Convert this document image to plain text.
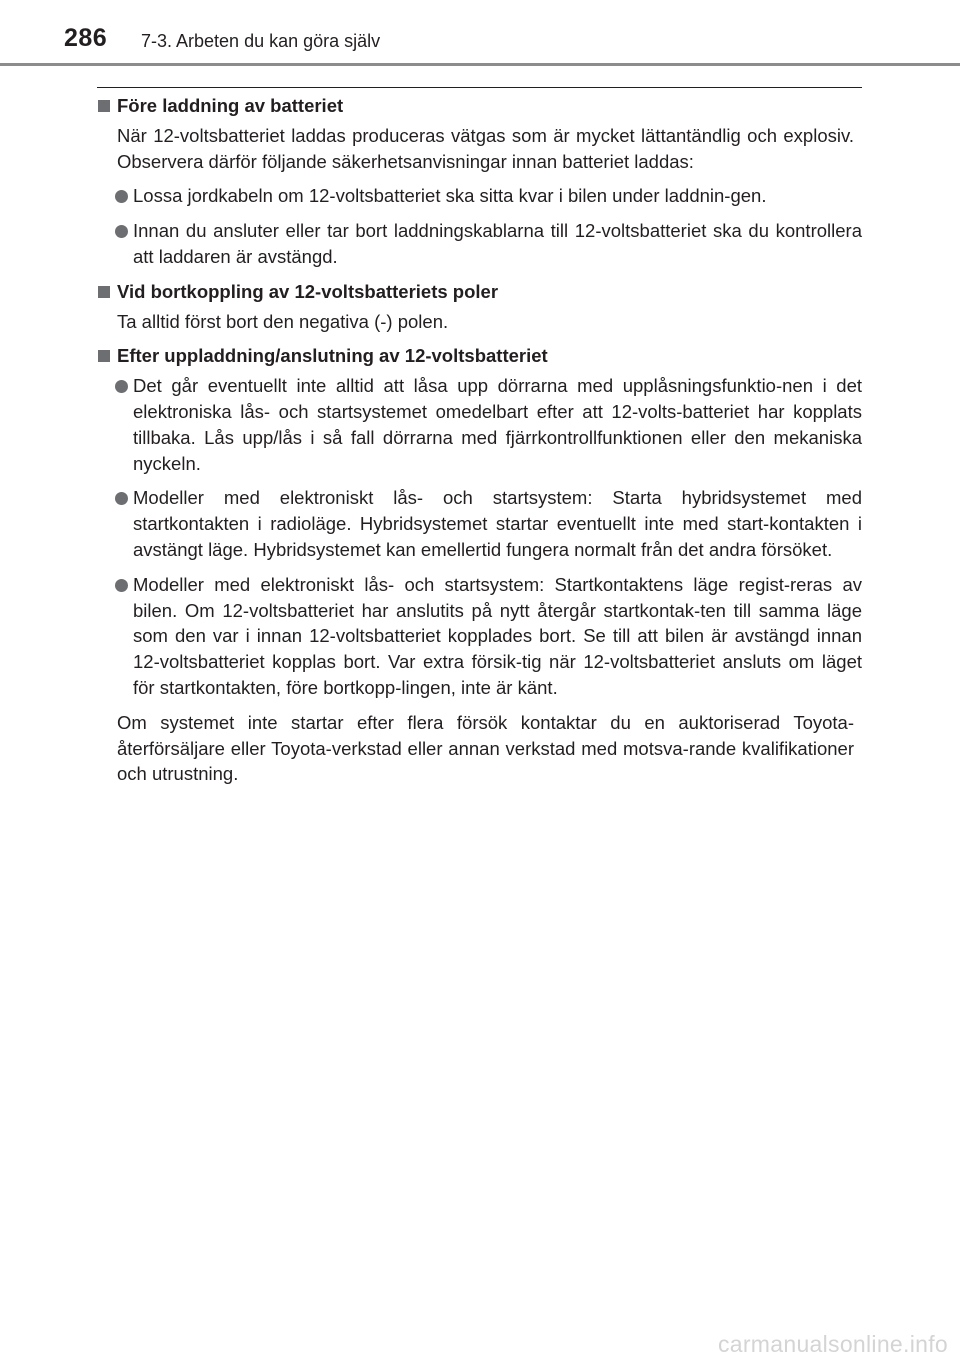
286 7-3. Arbeten du kan göra själv
Före laddning av batteriet
När 12-voltsbatteriet laddas produceras vätgas som är mycket lättantändlig och explosiv. Observera därför följande säkerhetsanvisningar innan batteriet laddas:
Lossa jordkabeln om 12-voltsbatteriet ska sitta kvar i bilen under laddnin-gen.
Innan du ansluter eller tar bort laddningskablarna till 12-voltsbatteriet ska du kontrollera att laddaren är avstängd.
Vid bortkoppling av 12-voltsbatteriets poler
Ta alltid först bort den negativa (-) polen.
Efter uppladdning/anslutning av 12-voltsbatteriet
Det går eventuellt inte alltid att låsa upp dörrarna med upplåsningsfunktio-nen i det elektroniska lås- och startsystemet omedelbart efter att 12-volts-batteriet har kopplats tillbaka. Lås upp/lås i så fall dörrarna med fjärrkontrollfunktionen eller den mekaniska nyckeln.
Modeller med elektroniskt lås- och startsystem: Starta hybridsystemet med startkontakten i radioläge. Hybridsystemet startar eventuellt inte med start-kontakten i avstängt läge. Hybridsystemet kan emellertid fungera normalt från det andra försöket.
Modeller med elektroniskt lås- och startsystem: Startkontaktens läge regist-reras av bilen. Om 12-voltsbatteriet har anslutits på nytt återgår startkontak-ten till samma läge som den var i innan 12-voltsbatteriet kopplades bort. Se till att bilen är avstängd innan 12-voltsbatteriet kopplas bort. Var extra försik-tig när 12-voltsbatteriet ansluts om läget för startkontakten, före bortkopp-lingen, inte är känt.
Om systemet inte startar efter flera försök kontaktar du en auktoriserad Toyota-återförsäljare eller Toyota-verkstad eller annan verkstad med motsva-rande kvalifikationer och utrustning.
carmanualsonline.info
